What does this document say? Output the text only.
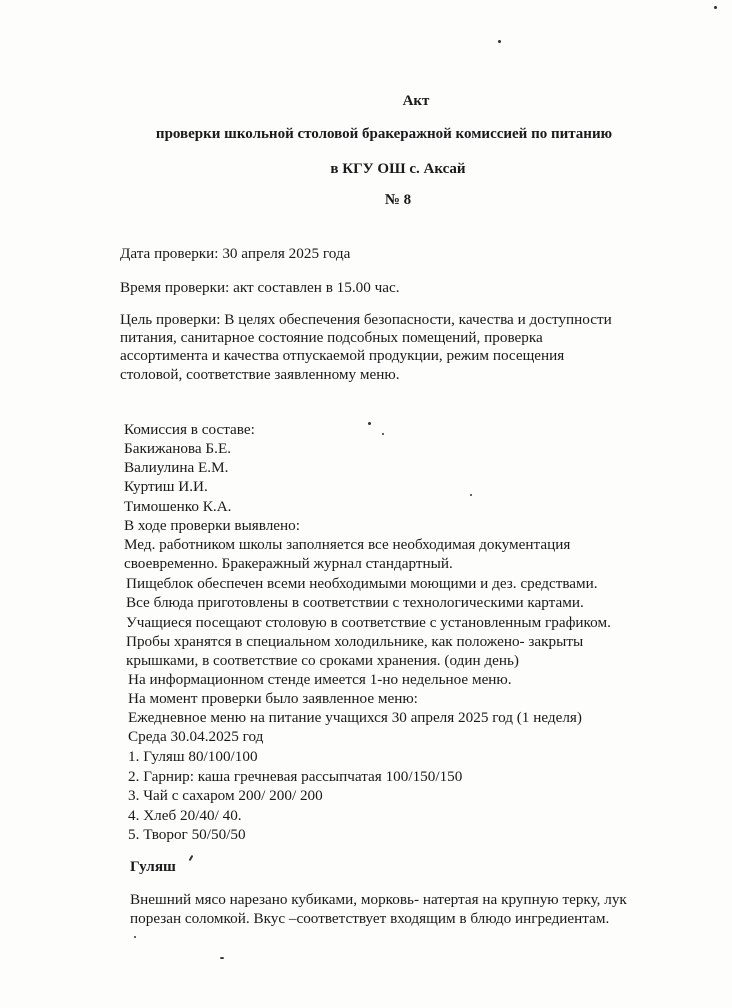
Акт
проверки школьной столовой бракеражной комиссией по питанию
в КГУ ОШ с. Аксай
№ 8
Дата проверки: 30 апреля 2025 года
Время проверки: акт составлен в 15.00 час.
Цель проверки: В целях обеспечения безопасности, качества и доступности
питания, санитарное состояние подсобных помещений, проверка
ассортимента и качества отпускаемой продукции, режим посещения
столовой, соответствие заявленному меню.
Комиссия в составе:
Бакижанова Б.Е.
Валиулина Е.М.
Куртиш И.И.
Тимошенко К.А.
В ходе проверки выявлено:
Мед. работником школы заполняется все необходимая документация
своевременно. Бракеражный журнал стандартный.
Пищеблок обеспечен всеми необходимыми моющими и дез. средствами.
Все блюда приготовлены в соответствии с технологическими картами.
Учащиеся посещают столовую в соответствие с установленным графиком.
Пробы хранятся в специальном холодильнике, как положено- закрыты
крышками, в соответствие со сроками хранения. (один день)
На информационном стенде имеется 1-но недельное меню.
На момент проверки было заявленное меню:
Ежедневное меню на питание учащихся 30 апреля 2025 год (1 неделя)
Среда 30.04.2025 год
1. Гуляш 80/100/100
2. Гарнир: каша гречневая рассыпчатая 100/150/150
3. Чай с сахаром 200/ 200/ 200
4. Хлеб 20/40/ 40.
5. Творог 50/50/50
Гуляш
Внешний мясо нарезано кубиками, морковь- натертая на крупную терку, лук
порезан соломкой. Вкус –соответствует входящим в блюдо ингредиентам.
